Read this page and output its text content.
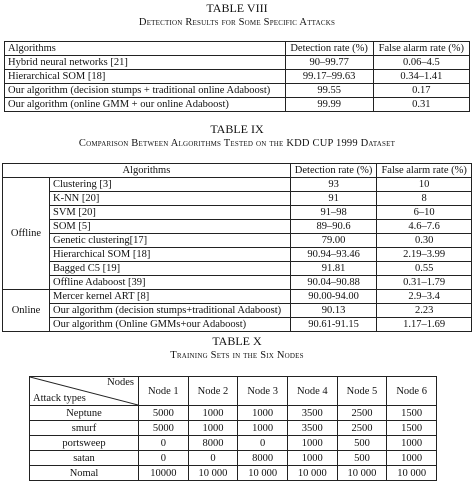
TABLE VIII
Detection Results for Some Specific Attacks
Algorithms	Detection rate (%)	False alarm rate (%)
Hybrid neural networks [21]	90–99.77	0.06–4.5
Hierarchical SOM [18]	99.17–99.63	0.34–1.41
Our algorithm (decision stumps + traditional online Adaboost)	99.55	0.17
Our algorithm (online GMM + our online Adaboost)	99.99	0.31
TABLE IX
Comparison Between Algorithms Tested on the KDD CUP 1999 Dataset
Algorithms		Detection rate (%)	False alarm rate (%)
Offline	Clustering [3]	93	10
	K-NN [20]	91	8
	SVM [20]	91–98	6–10
	SOM [5]	89–90.6	4.6–7.6
	Genetic clustering[17]	79.00	0.30
	Hierarchical SOM [18]	90.94–93.46	2.19–3.99
	Bagged C5 [19]	91.81	0.55
	Offline Adaboost [39]	90.04–90.88	0.31–1.79
Online	Mercer kernel ART [8]	90.00-94.00	2.9–3.4
	Our algorithm (decision stumps+traditional Adaboost)	90.13	2.23
	Our algorithm (Online GMMs+our Adaboost)	90.61-91.15	1.17–1.69
TABLE X
Training Sets in the Six Nodes
Nodes
Attack types	Node 1	Node 2	Node 3	Node 4	Node 5	Node 6
Neptune	5000	1000	1000	3500	2500	1500
smurf	5000	1000	1000	3500	2500	1500
portsweep	0	8000	0	1000	500	1000
satan	0	0	8000	1000	500	1000
Nomal	10000	10 000	10 000	10 000	10 000	10 000
